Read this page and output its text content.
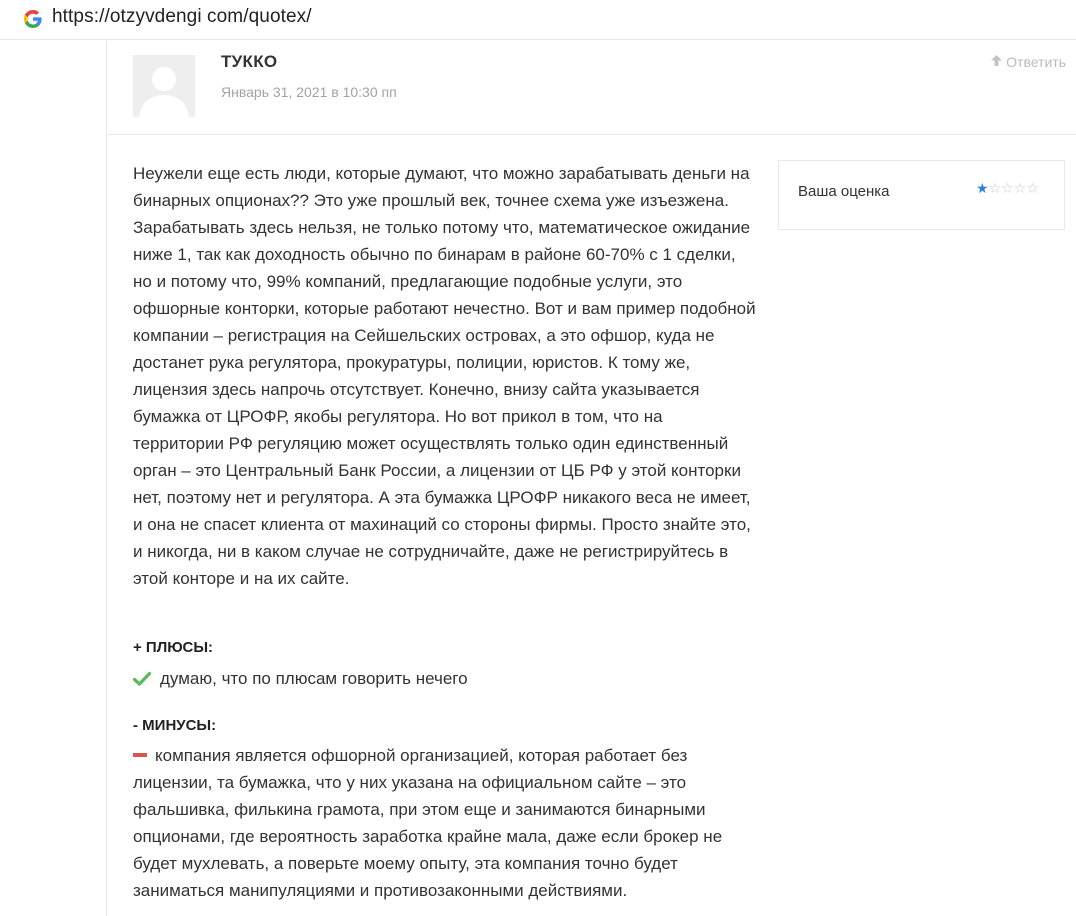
https://otzyvdengi com/quotex/
ТУККО
Январь 31, 2021 в 10:30 пп
Ответить
Неужели еще есть люди, которые думают, что можно зарабатывать деньги на бинарных опционах?? Это уже прошлый век, точнее схема уже изъезжена. Зарабатывать здесь нельзя, не только потому что, математическое ожидание ниже 1, так как доходность обычно по бинарам в районе 60-70% с 1 сделки, но и потому что, 99% компаний, предлагающие подобные услуги, это офшорные конторки, которые работают нечестно. Вот и вам пример подобной компании – регистрация на Сейшельских островах, а это офшор, куда не достанет рука регулятора, прокуратуры, полиции, юристов. К тому же, лицензия здесь напрочь отсутствует. Конечно, внизу сайта указывается бумажка от ЦРОФР, якобы регулятора. Но вот прикол в том, что на территории РФ регуляцию может осуществлять только один единственный орган – это Центральный Банк России, а лицензии от ЦБ РФ у этой конторки нет, поэтому нет и регулятора. А эта бумажка ЦРОФР никакого веса не имеет, и она не спасет клиента от махинаций со стороны фирмы. Просто знайте это, и никогда, ни в каком случае не сотрудничайте, даже не регистрируйтесь в этой конторе и на их сайте.
Ваша оценка	★☆☆☆☆
+ ПЛЮСЫ:
думаю, что по плюсам говорить нечего
- МИНУСЫ:
компания является офшорной организацией, которая работает без лицензии, та бумажка, что у них указана на официальном сайте – это фальшивка, филькина грамота, при этом еще и занимаются бинарными опционами, где вероятность заработка крайне мала, даже если брокер не будет мухлевать, а поверьте моему опыту, эта компания точно будет заниматься манипуляциями и противозаконными действиями.
